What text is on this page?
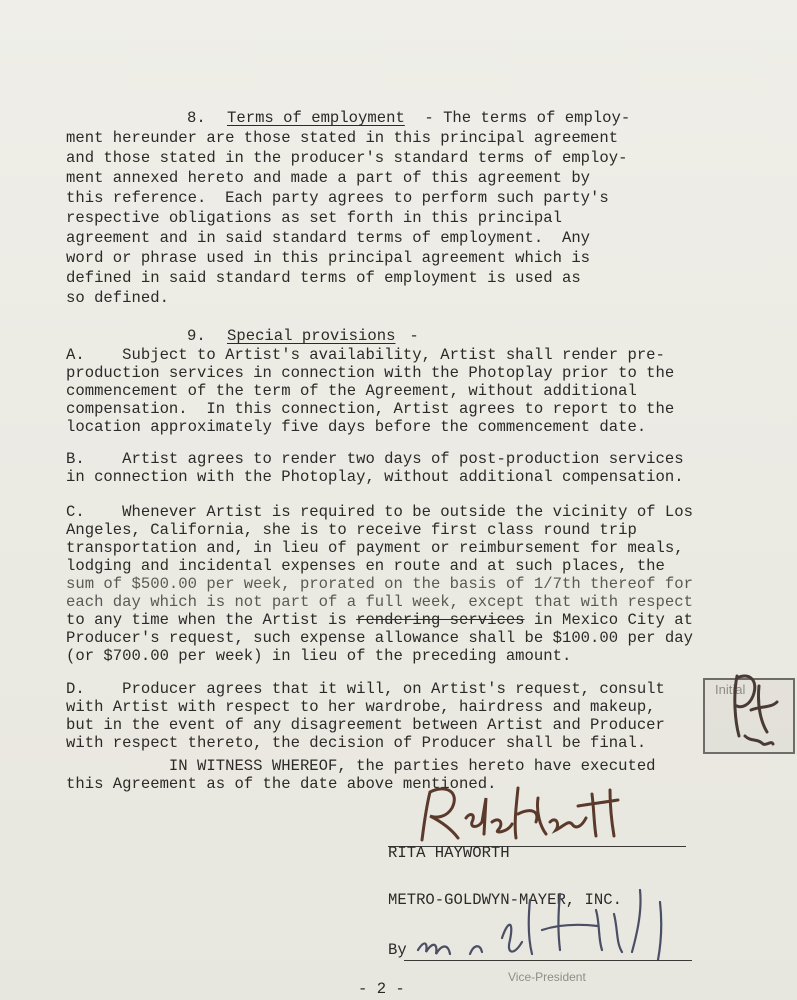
8. Terms of employment - The terms of employ-
ment hereunder are those stated in this principal agreement
and those stated in the producer's standard terms of employ-
ment annexed hereto and made a part of this agreement by
this reference.  Each party agrees to perform such party's
respective obligations as set forth in this principal
agreement and in said standard terms of employment.  Any
word or phrase used in this principal agreement which is
defined in said standard terms of employment is used as
so defined.
9. Special provisions -
A.    Subject to Artist's availability, Artist shall render pre-
production services in connection with the Photoplay prior to the
commencement of the term of the Agreement, without additional
compensation.  In this connection, Artist agrees to report to the
location approximately five days before the commencement date.
B.    Artist agrees to render two days of post-production services
in connection with the Photoplay, without additional compensation.
C.    Whenever Artist is required to be outside the vicinity of Los
Angeles, California, she is to receive first class round trip
transportation and, in lieu of payment or reimbursement for meals,
lodging and incidental expenses en route and at such places, the
sum of $500.00 per week, prorated on the basis of 1/7th thereof for
each day which is not part of a full week, except that with respect
to any time when the Artist is rendering services in Mexico City at
Producer's request, such expense allowance shall be $100.00 per day
(or $700.00 per week) in lieu of the preceding amount.
D.    Producer agrees that it will, on Artist's request, consult
with Artist with respect to her wardrobe, hairdress and makeup,
but in the event of any disagreement between Artist and Producer
with respect thereto, the decision of Producer shall be final.
Initial
IN WITNESS WHEREOF, the parties hereto have executed
this Agreement as of the date above mentioned.
RITA HAYWORTH
METRO-GOLDWYN-MAYER, INC.
By
Vice-President
- 2 -
